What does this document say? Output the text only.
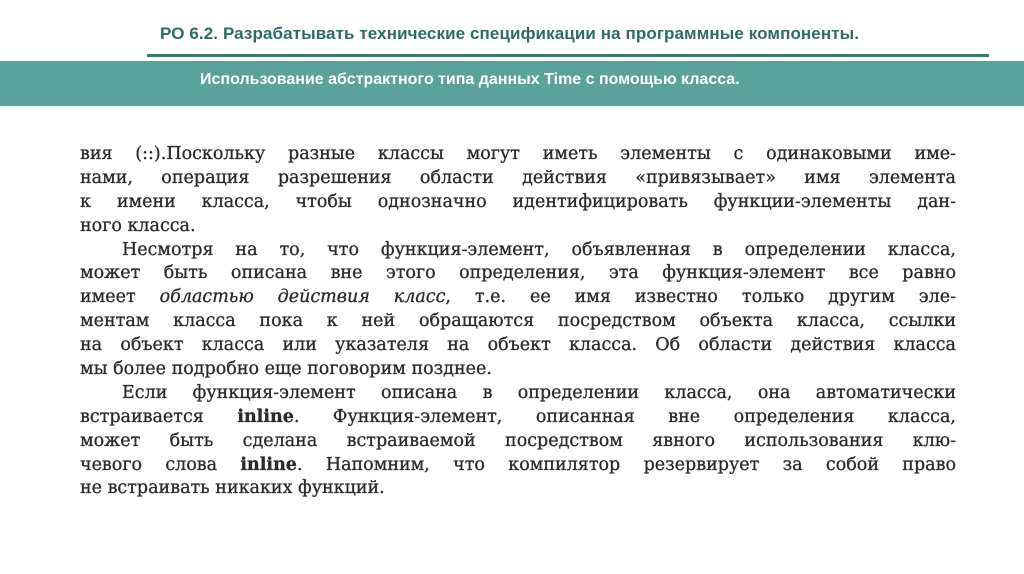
РО 6.2. Разрабатывать технические спецификации на программные компоненты.

Использование абстрактного типа данных Time с помощью класса.

вия (::).Поскольку разные классы могут иметь элементы с одинаковыми име-
нами, операция разрешения области действия «привязывает» имя элемента
к имени класса, чтобы однозначно идентифицировать функции-элементы дан-
ного класса.
Несмотря на то, что функция-элемент, объявленная в определении класса,
может быть описана вне этого определения, эта функция-элемент все равно
имеет областью действия класс, т.е. ее имя известно только другим эле-
ментам класса пока к ней обращаются посредством объекта класса, ссылки
на объект класса или указателя на объект класса. Об области действия класса
мы более подробно еще поговорим позднее.
Если функция-элемент описана в определении класса, она автоматически
встраивается inline. Функция-элемент, описанная вне определения класса,
может быть сделана встраиваемой посредством явного использования клю-
чевого слова inline. Напомним, что компилятор резервирует за собой право
не встраивать никаких функций.
